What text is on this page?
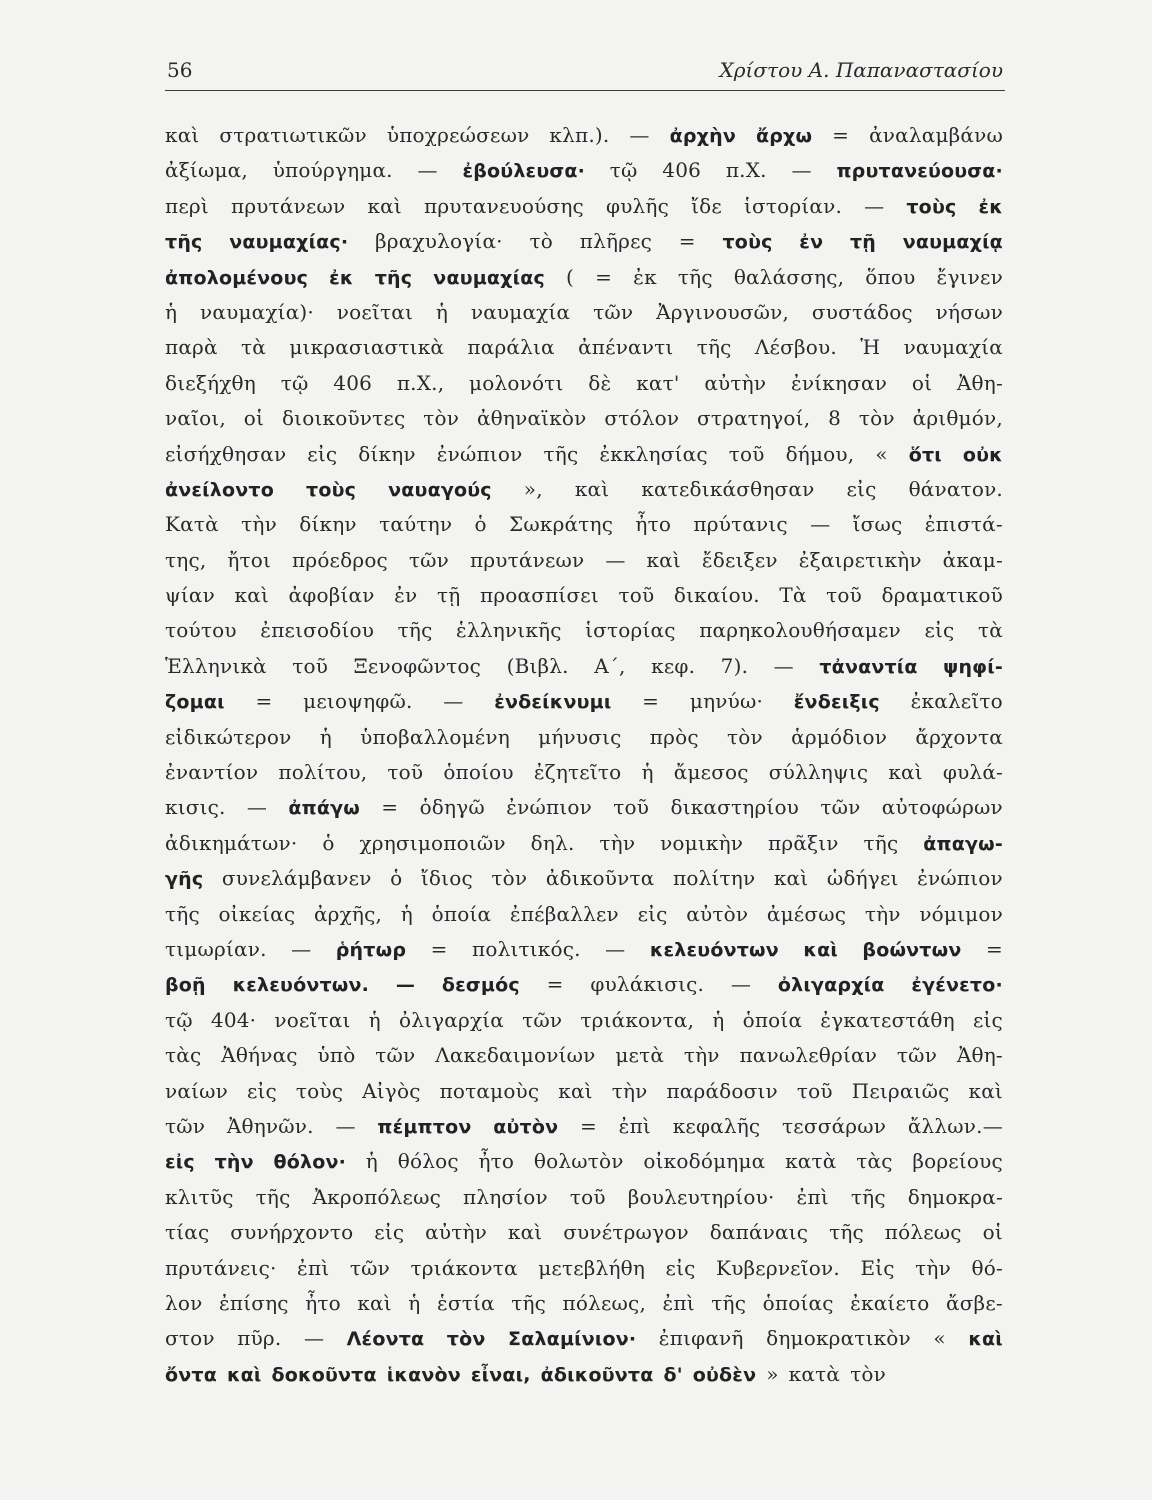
56	Χρίστου Α. Παπαναστασίου
καὶ στρατιωτικῶν ὑποχρεώσεων κλπ.). — ἀρχὴν ἄρχω = ἀναλαμβάνω
ἀξίωμα, ὑπούργημα. — ἐβούλευσα· τῷ 406 π.Χ. — πρυτανεύουσα·
περὶ πρυτάνεων καὶ πρυτανευούσης φυλῆς ἴδε ἱστορίαν. — τοὺς ἐκ
τῆς ναυμαχίας· βραχυλογία· τὸ πλῆρες = τοὺς ἐν τῇ ναυμαχίᾳ
ἀπολομένους ἐκ τῆς ναυμαχίας ( = ἐκ τῆς θαλάσσης, ὅπου ἔγινεν
ἡ ναυμαχία)· νοεῖται ἡ ναυμαχία τῶν Ἀργινουσῶν, συστάδος νήσων
παρὰ τὰ μικρασιαστικὰ παράλια ἀπέναντι τῆς Λέσβου. Ἡ ναυμαχία
διεξήχθη τῷ 406 π.Χ., μολονότι δὲ κατ' αὐτὴν ἐνίκησαν οἱ Ἀθη-
ναῖοι, οἱ διοικοῦντες τὸν ἀθηναϊκὸν στόλον στρατηγοί, 8 τὸν ἀριθμόν,
εἰσήχθησαν εἰς δίκην ἐνώπιον τῆς ἐκκλησίας τοῦ δήμου, « ὅτι οὐκ
ἀνείλοντο τοὺς ναυαγούς », καὶ κατεδικάσθησαν εἰς θάνατον.
Κατὰ τὴν δίκην ταύτην ὁ Σωκράτης ἦτο πρύτανις — ἴσως ἐπιστά-
της, ἤτοι πρόεδρος τῶν πρυτάνεων — καὶ ἔδειξεν ἐξαιρετικὴν ἀκαμ-
ψίαν καὶ ἀφοβίαν ἐν τῇ προασπίσει τοῦ δικαίου. Τὰ τοῦ δραματικοῦ
τούτου ἐπεισοδίου τῆς ἑλληνικῆς ἱστορίας παρηκολουθήσαμεν εἰς τὰ
Ἑλληνικὰ τοῦ Ξενοφῶντος (Βιβλ. Α΄, κεφ. 7). — τἀναντία ψηφί-
ζομαι = μειοψηφῶ. — ἐνδείκνυμι = μηνύω· ἔνδειξις ἐκαλεῖτο
εἰδικώτερον ἡ ὑποβαλλομένη μήνυσις πρὸς τὸν ἁρμόδιον ἄρχοντα
ἐναντίον πολίτου, τοῦ ὁποίου ἐζητεῖτο ἡ ἄμεσος σύλληψις καὶ φυλά-
κισις. — ἀπάγω = ὁδηγῶ ἐνώπιον τοῦ δικαστηρίου τῶν αὐτοφώρων
ἀδικημάτων· ὁ χρησιμοποιῶν δηλ. τὴν νομικὴν πρᾶξιν τῆς ἀπαγω-
γῆς συνελάμβανεν ὁ ἴδιος τὸν ἀδικοῦντα πολίτην καὶ ὡδήγει ἐνώπιον
τῆς οἰκείας ἀρχῆς, ἡ ὁποία ἐπέβαλλεν εἰς αὐτὸν ἀμέσως τὴν νόμιμον
τιμωρίαν. — ῥήτωρ = πολιτικός. — κελευόντων καὶ βοώντων =
βοῇ κελευόντων. — δεσμός = φυλάκισις. — ὀλιγαρχία ἐγένετο·
τῷ 404· νοεῖται ἡ ὀλιγαρχία τῶν τριάκοντα, ἡ ὁποία ἐγκατεστάθη εἰς
τὰς Ἀθήνας ὑπὸ τῶν Λακεδαιμονίων μετὰ τὴν πανωλεθρίαν τῶν Ἀθη-
ναίων εἰς τοὺς Αἰγὸς ποταμοὺς καὶ τὴν παράδοσιν τοῦ Πειραιῶς καὶ
τῶν Ἀθηνῶν. — πέμπτον αὐτὸν = ἐπὶ κεφαλῆς τεσσάρων ἄλλων.—
εἰς τὴν θόλον· ἡ θόλος ἦτο θολωτὸν οἰκοδόμημα κατὰ τὰς βορείους
κλιτῦς τῆς Ἀκροπόλεως πλησίον τοῦ βουλευτηρίου· ἐπὶ τῆς δημοκρα-
τίας συνήρχοντο εἰς αὐτὴν καὶ συνέτρωγον δαπάναις τῆς πόλεως οἱ
πρυτάνεις· ἐπὶ τῶν τριάκοντα μετεβλήθη εἰς Κυβερνεῖον. Εἰς τὴν θό-
λον ἐπίσης ἦτο καὶ ἡ ἑστία τῆς πόλεως, ἐπὶ τῆς ὁποίας ἐκαίετο ἄσβε-
στον πῦρ. — Λέοντα τὸν Σαλαμίνιον· ἐπιφανῆ δημοκρατικὸν « καὶ
ὄντα καὶ δοκοῦντα ἱκανὸν εἶναι, ἀδικοῦντα δ' οὐδὲν » κατὰ τὸν
